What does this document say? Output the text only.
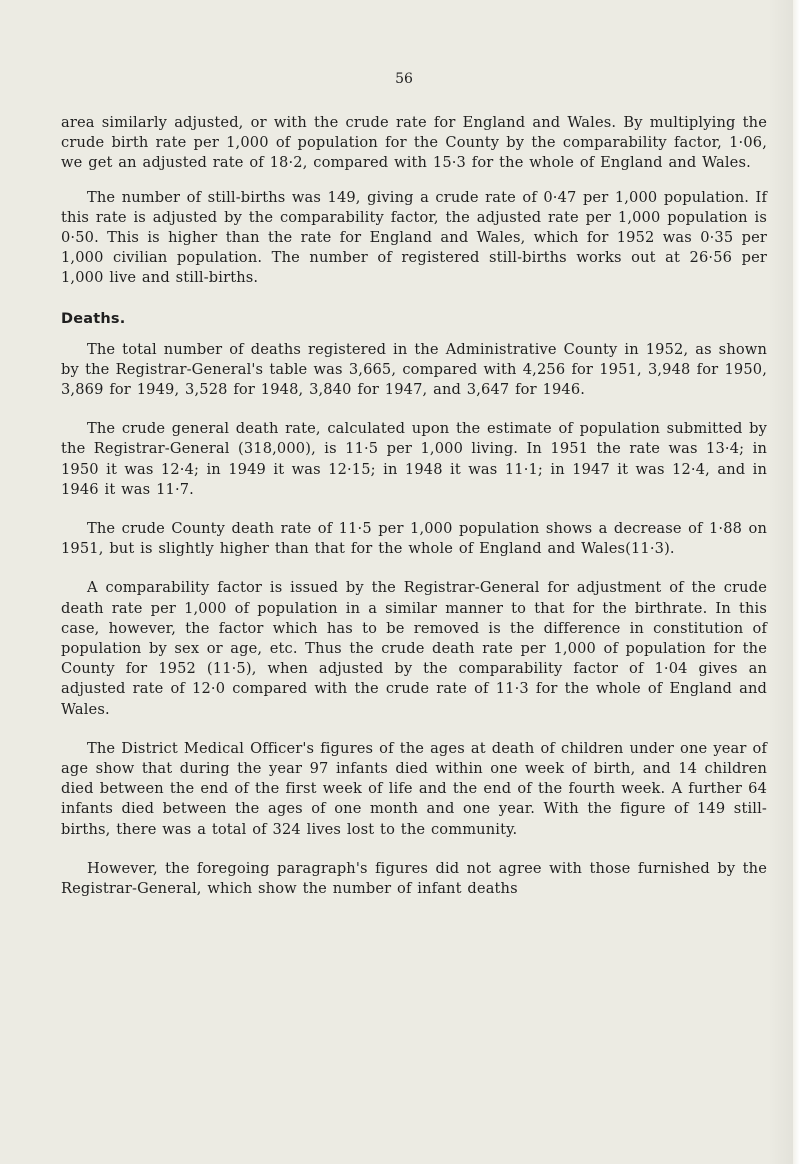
56

area similarly adjusted, or with the crude rate for England and Wales. By multiplying the crude birth rate per 1,000 of population for the County by the comparability factor, 1·06, we get an adjusted rate of 18·2, compared with 15·3 for the whole of England and Wales.

The number of still-births was 149, giving a crude rate of 0·47 per 1,000 population. If this rate is adjusted by the comparability factor, the adjusted rate per 1,000 population is 0·50. This is higher than the rate for England and Wales, which for 1952 was 0·35 per 1,000 civilian population. The number of registered still-births works out at 26·56 per 1,000 live and still-births.

Deaths.

The total number of deaths registered in the Administrative County in 1952, as shown by the Registrar-General's table was 3,665, compared with 4,256 for 1951, 3,948 for 1950, 3,869 for 1949, 3,528 for 1948, 3,840 for 1947, and 3,647 for 1946.

The crude general death rate, calculated upon the estimate of population submitted by the Registrar-General (318,000), is 11·5 per 1,000 living. In 1951 the rate was 13·4; in 1950 it was 12·4; in 1949 it was 12·15; in 1948 it was 11·1; in 1947 it was 12·4, and in 1946 it was 11·7.

The crude County death rate of 11·5 per 1,000 population shows a decrease of 1·88 on 1951, but is slightly higher than that for the whole of England and Wales(11·3).

A comparability factor is issued by the Registrar-General for adjustment of the crude death rate per 1,000 of population in a similar manner to that for the birthrate. In this case, however, the factor which has to be removed is the difference in constitution of population by sex or age, etc. Thus the crude death rate per 1,000 of population for the County for 1952 (11·5), when adjusted by the comparability factor of 1·04 gives an adjusted rate of 12·0 compared with the crude rate of 11·3 for the whole of England and Wales.

The District Medical Officer's figures of the ages at death of children under one year of age show that during the year 97 infants died within one week of birth, and 14 children died between the end of the first week of life and the end of the fourth week. A further 64 infants died between the ages of one month and one year. With the figure of 149 still-births, there was a total of 324 lives lost to the community.

However, the foregoing paragraph's figures did not agree with those furnished by the Registrar-General, which show the number of infant deaths
